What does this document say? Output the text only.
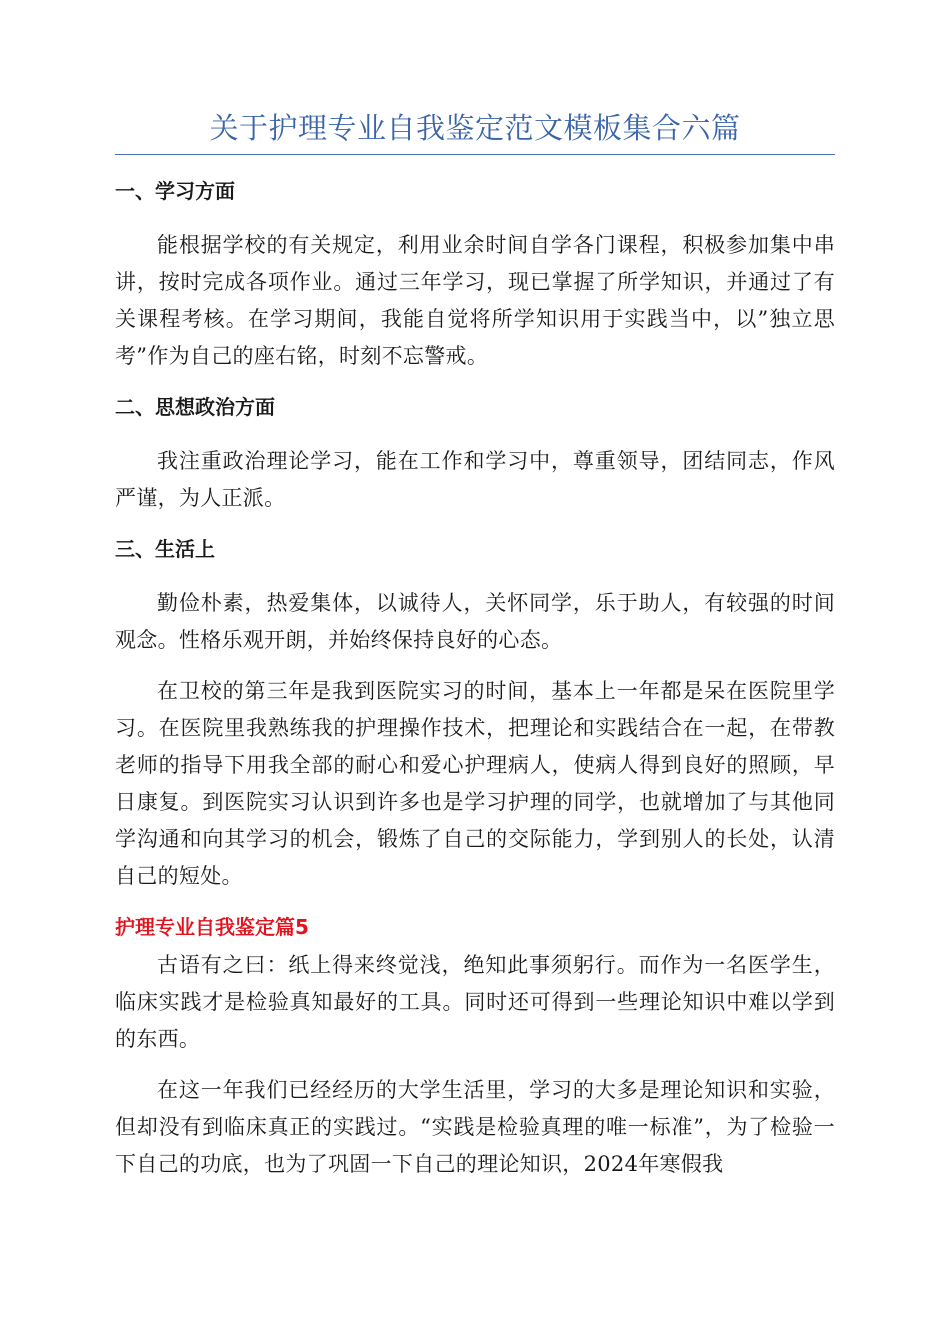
关于护理专业自我鉴定范文模板集合六篇

一、学习方面

能根据学校的有关规定，利用业余时间自学各门课程，积极参加集中串讲，按时完成各项作业。通过三年学习，现已掌握了所学知识，并通过了有关课程考核。在学习期间，我能自觉将所学知识用于实践当中，以”独立思考”作为自己的座右铭，时刻不忘警戒。

二、思想政治方面

我注重政治理论学习，能在工作和学习中，尊重领导，团结同志，作风严谨，为人正派。

三、生活上

勤俭朴素，热爱集体，以诚待人，关怀同学，乐于助人，有较强的时间观念。性格乐观开朗，并始终保持良好的心态。

在卫校的第三年是我到医院实习的时间，基本上一年都是呆在医院里学习。在医院里我熟练我的护理操作技术，把理论和实践结合在一起，在带教老师的指导下用我全部的耐心和爱心护理病人，使病人得到良好的照顾，早日康复。到医院实习认识到许多也是学习护理的同学，也就增加了与其他同学沟通和向其学习的机会，锻炼了自己的交际能力，学到别人的长处，认清自己的短处。

护理专业自我鉴定篇5

古语有之曰：纸上得来终觉浅，绝知此事须躬行。而作为一名医学生，临床实践才是检验真知最好的工具。同时还可得到一些理论知识中难以学到的东西。

在这一年我们已经经历的大学生活里，学习的大多是理论知识和实验，但却没有到临床真正的实践过。“实践是检验真理的唯一标准”，为了检验一下自己的功底，也为了巩固一下自己的理论知识，2024年寒假我
